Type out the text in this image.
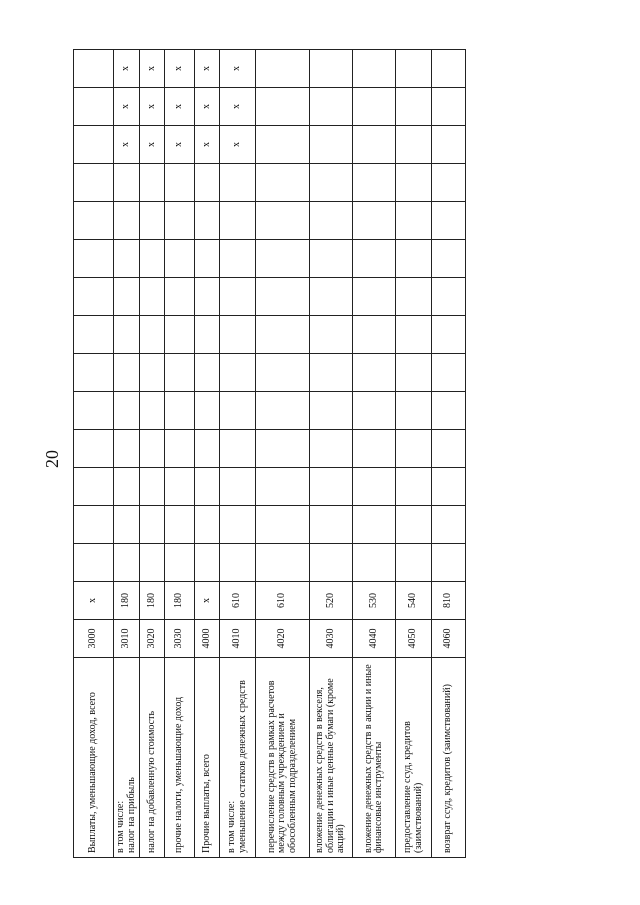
20
Выплаты, уменьшающие доход, всего	3000	x														
в том числе:
налог на прибыль	3010	180												x	x	x
налог на добавленную стоимость	3020	180												x	x	x
прочие налоги, уменьшающие доход	3030	180												x	x	x
Прочие выплаты, всего	4000	x												x	x	x
в том числе:
уменьшение остатков денежных средств	4010	610												x	x	x
перечисление средств в рамках расчетов между головным учреждением и обособленным подразделением	4020	610														
вложение денежных средств в векселя, облигации и иные ценные бумаги (кроме акций)	4030	520														
вложение денежных средств в акции и иные финансовые инструменты	4040	530														
предоставление ссуд, кредитов (заимствований)	4050	540														
возврат ссуд, кредитов (заимствований)	4060	810														
